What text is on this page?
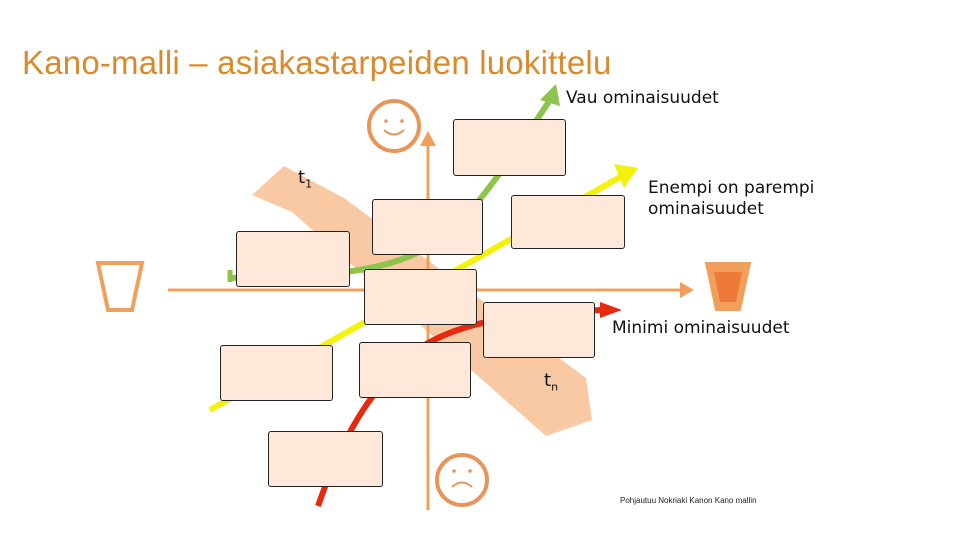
Kano-malli – asiakastarpeiden luokittelu
Vau ominaisuudet
Enempi on parempi
ominaisuudet
Minimi ominaisuudet
$t_1$
$t_n$
Pohjautuu Nokriaki Kanon Kano mallin
